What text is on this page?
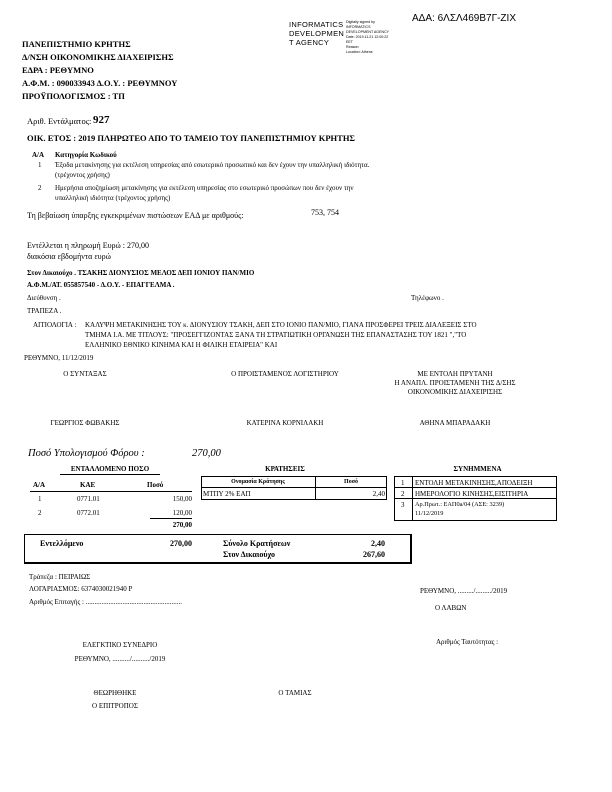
ΑΔΑ: 6ΛΣΛ469Β7Γ-ΖΙΧ
INFORMATICS
DEVELOPMEN
T AGENCY
Digitally signed by
INFORMATICS
DEVELOPMENT AGENCY
Date: 2019.11.21 12:00:22
EET
Reason:
Location: Athens
ΠΑΝΕΠΙΣΤΗΜΙΟ ΚΡΗΤΗΣ
Δ/ΝΣΗ ΟΙΚΟΝΟΜΙΚΗΣ ΔΙΑΧΕΙΡΙΣΗΣ
ΕΔΡΑ : ΡΕΘΥΜΝΟ
Α.Φ.Μ. : 090033943 Δ.Ο.Υ. : ΡΕΘΥΜΝΟΥ
ΠΡΟΫΠΟΛΟΓΙΣΜΟΣ : ΤΠ
Αριθ. Εντάλματος: 927
ΟΙΚ. ΕΤΟΣ : 2019 ΠΛΗΡΩΤΕΟ ΑΠΟ ΤΟ ΤΑΜΕΙΟ ΤΟΥ ΠΑΝΕΠΙΣΤΗΜΙΟΥ ΚΡΗΤΗΣ
Α/Α Κατηγορία Κωδικού
1 Έξοδα μετακίνησης για εκτέλεση υπηρεσίας από εσωτερικό προσωπικό και δεν έχουν την υπαλληλική ιδιότητα.
(τρέχοντος χρήσης)
2 Ημερήσια αποζημίωση μετακίνησης για εκτέλεση υπηρεσίας στο εσωτερικό προσώπων που δεν έχουν την
υπαλληλική ιδιότητα (τρέχοντος χρήσης)
Τη βεβαίωση ύπαρξης εγκεκριμένων πιστώσεων ΕΑΔ με αριθμούς:	753, 754
Εντέλλεται η πληρωμή Ευρώ : 270,00
διακόσια εβδομήντα ευρώ
Στον Δικαιούχο . ΤΣΑΚΗΣ ΔΙΟΝΥΣΙΟΣ ΜΕΛΟΣ ΔΕΠ ΙΟΝΙΟΥ ΠΑΝ/ΜΙΟ
Α.Φ.Μ./ΑΤ. 055857540 - Δ.Ο.Υ. - ΕΠΑΓΓΕΛΜΑ .
Διεύθυνση .	Τηλέφωνο .
ΤΡΑΠΕΖΑ .
ΑΙΤΙΟΛΟΓΙΑ : ΚΑΛΥΨΗ ΜΕΤΑΚΙΝΗΣΗΣ ΤΟΥ κ. ΔΙΟΝΥΣΙΟΥ ΤΣΑΚΗ, ΔΕΠ ΣΤΟ ΙΟΝΙΟ ΠΑΝ/ΜΙΟ, ΓΙΑΝΑ ΠΡΟΣΦΕΡΕΙ ΤΡΕΙΣ ΔΙΑΛΕΞΕΙΣ ΣΤΟ
ΤΜΗΜΑ Ι.Α. ΜΕ ΤΙΤΛΟΥΣ: "ΠΡΟΣΕΓΓΙΖΟΝΤΑΣ ΞΑΝΑ ΤΗ ΣΤΡΑΤΙΩΤΙΚΗ ΟΡΓΑΝΩΣΗ ΤΗΣ ΕΠΑΝΑΣΤΑΣΗΣ ΤΟΥ 1821 ","ΤΟ
ΕΛΛΗΝΙΚΟ ΕΘΝΙΚΟ ΚΙΝΗΜΑ ΚΑΙ Η ΦΙΛΙΚΗ ΕΤΑΙΡΕΙΑ" ΚΑΙ
ΡΕΘΥΜΝΟ, 11/12/2019
Ο ΣΥΝΤΑΞΑΣ	Ο ΠΡΟΙΣΤΑΜΕΝΟΣ ΛΟΓΙΣΤΗΡΙΟΥ	ΜΕ ΕΝΤΟΛΗ ΠΡΥΤΑΝΗ
Η ΑΝΑΠΛ. ΠΡΟΙΣΤΑΜΕΝΗ ΤΗΣ Δ/ΣΗΣ
ΟΙΚΟΝΟΜΙΚΗΣ ΔΙΑΧΕΙΡΙΣΗΣ
ΓΕΩΡΓΙΟΣ ΦΩΒΑΚΗΣ	ΚΑΤΕΡΙΝΑ ΚΟΡΝΙΛΑΚΗ	ΑΘΗΝΑ ΜΠΑΡΑΔΑΚΗ
Ποσό Υπολογισμού Φόρου :	270,00
ΕΝΤΑΛΛΟΜΕΝΟ ΠΟΣΟ
Α/Α	ΚΑΕ	Ποσό
1	0771.01	150,00
2	0772.01	120,00
270,00
ΚΡΑΤΗΣΕΙΣ
Ονομασία Κράτησης	Ποσό
ΜΤΠΥ 2% ΕΑΠ	2,40
ΣΥΝΗΜΜΕΝΑ
1 ΕΝΤΟΛΗ ΜΕΤΑΚΙΝΗΣΗΣ,ΑΠΟΔΕΙΞΗ
2 ΗΜΕΡΟΛΟΓΙΟ ΚΙΝΗΣΗΣ,ΕΙΣΙΤΗΡΙΑ
3 Αρ.Πρωτ.: ΕΑΠ0a/04 (ΑΣΕ: 3239)
11/12/2019
Εντελλόμενο	270,00	Σύνολο Κρατήσεων	2,40
Στον Δικαιούχο	267,60
Τράπεζα : ΠΕΙΡΑΙΩΣ
ΛΟΓΑΡΙΑΣΜΟΣ: 6374030021940 P
Αριθμός Επιταγής : .......................................................
ΡΕΘΥΜΝΟ, ........./........./2019
Ο ΛΑΒΩΝ
Αριθμός Ταυτότητας :
ΕΛΕΓΚΤΙΚΟ ΣΥΝΕΔΡΙΟ
ΡΕΘΥΜΝΟ, ........../........../2019
ΘΕΩΡΗΘΗΚΕ
Ο ΕΠΙΤΡΟΠΟΣ
Ο ΤΑΜΙΑΣ
